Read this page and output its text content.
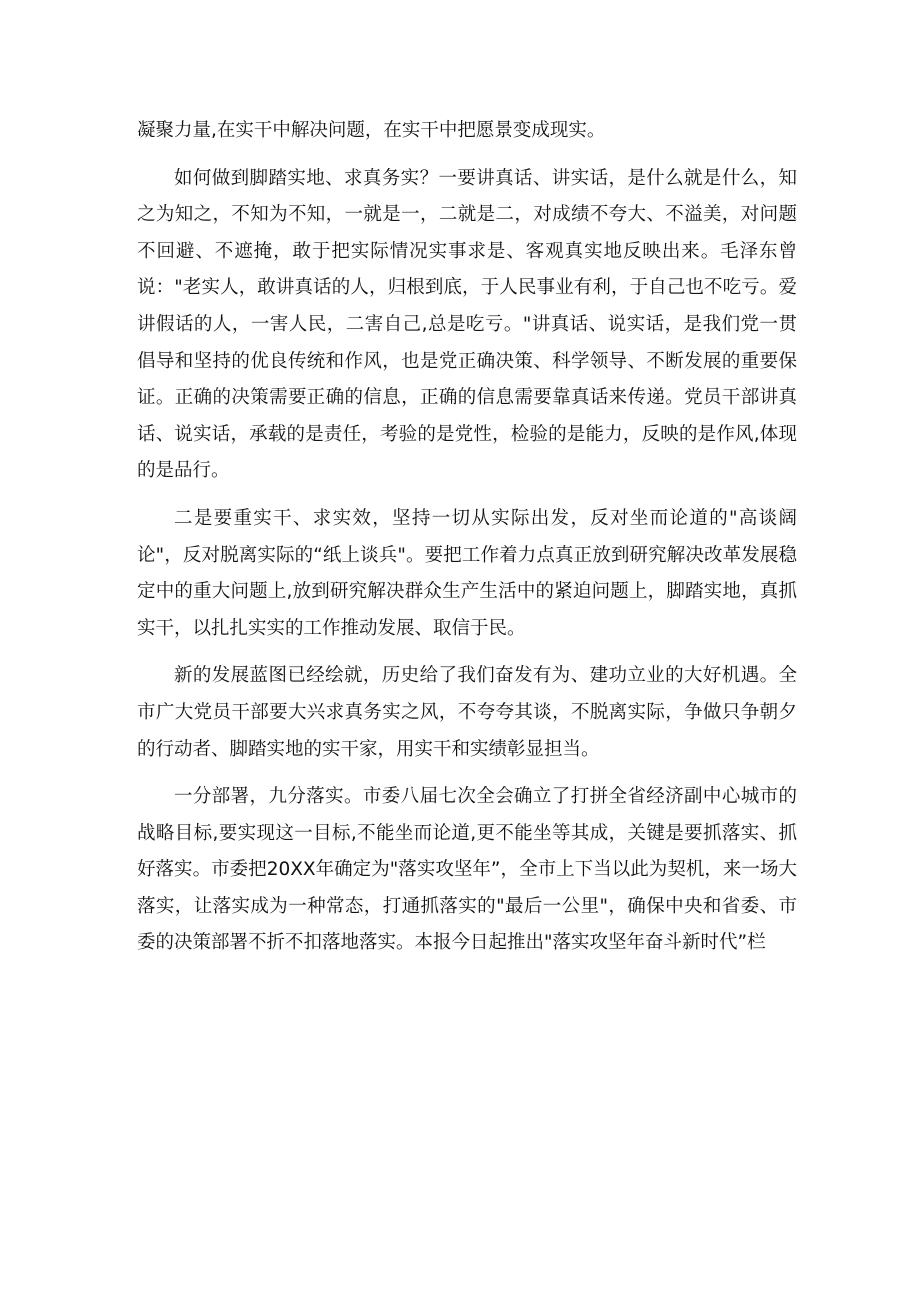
凝聚力量,在实干中解决问题，在实干中把愿景变成现实。

如何做到脚踏实地、求真务实？一要讲真话、讲实话，是什么就是什么，知之为知之，不知为不知，一就是一，二就是二，对成绩不夸大、不溢美，对问题不回避、不遮掩，敢于把实际情况实事求是、客观真实地反映出来。毛泽东曾说："老实人，敢讲真话的人，归根到底，于人民事业有利，于自己也不吃亏。爱讲假话的人，一害人民，二害自己,总是吃亏。"讲真话、说实话，是我们党一贯倡导和坚持的优良传统和作风，也是党正确决策、科学领导、不断发展的重要保证。正确的决策需要正确的信息，正确的信息需要靠真话来传递。党员干部讲真话、说实话，承载的是责任，考验的是党性，检验的是能力，反映的是作风,体现的是品行。

二是要重实干、求实效，坚持一切从实际出发，反对坐而论道的"高谈阔论"，反对脱离实际的“纸上谈兵"。要把工作着力点真正放到研究解决改革发展稳定中的重大问题上,放到研究解决群众生产生活中的紧迫问题上，脚踏实地，真抓实干，以扎扎实实的工作推动发展、取信于民。

新的发展蓝图已经绘就，历史给了我们奋发有为、建功立业的大好机遇。全市广大党员干部要大兴求真务实之风，不夸夸其谈，不脱离实际，争做只争朝夕的行动者、脚踏实地的实干家，用实干和实绩彰显担当。

一分部署，九分落实。市委八届七次全会确立了打拼全省经济副中心城市的战略目标,要实现这一目标,不能坐而论道,更不能坐等其成，关键是要抓落实、抓好落实。市委把20XX年确定为"落实攻坚年”，全市上下当以此为契机，来一场大落实，让落实成为一种常态，打通抓落实的"最后一公里"，确保中央和省委、市委的决策部署不折不扣落地落实。本报今日起推出"落实攻坚年奋斗新时代”栏
